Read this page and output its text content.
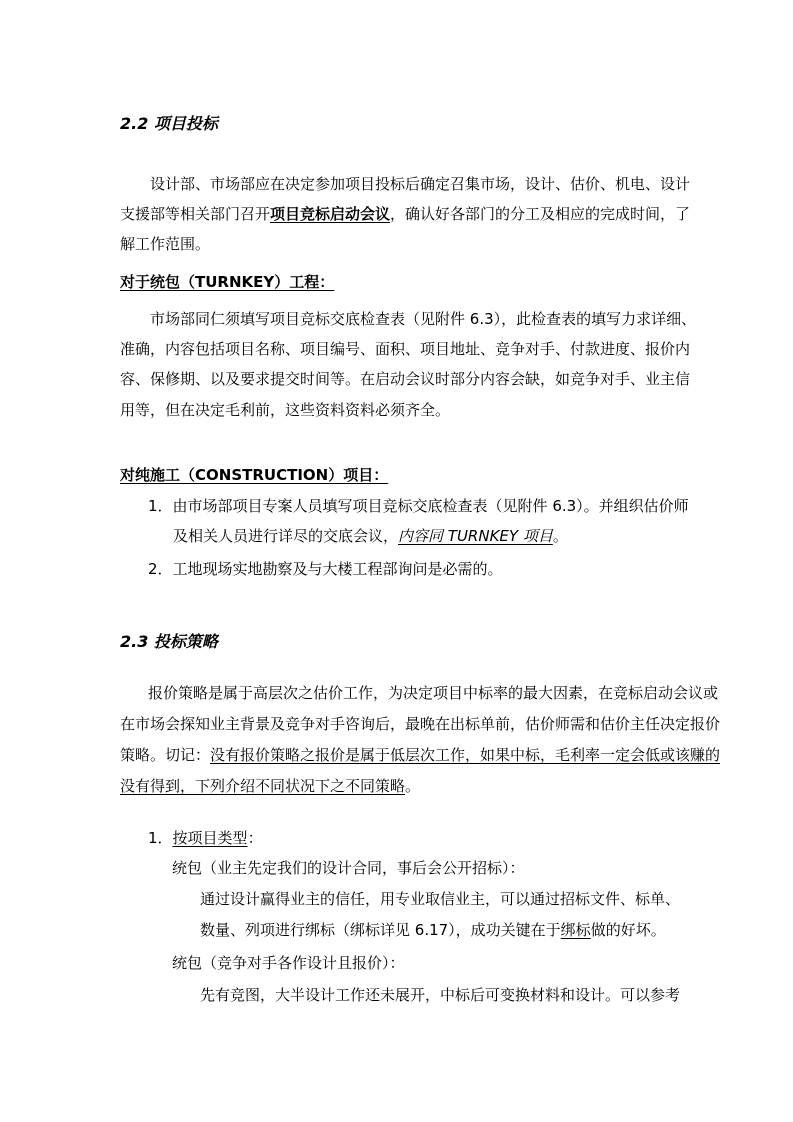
2.2 项目投标
设计部、市场部应在决定参加项目投标后确定召集市场，设计、估价、机电、设计
支援部等相关部门召开项目竞标启动会议，确认好各部门的分工及相应的完成时间，了
解工作范围。
对于统包（TURNKEY）工程：
市场部同仁须填写项目竞标交底检查表（见附件 6.3），此检查表的填写力求详细、
准确，内容包括项目名称、项目编号、面积、项目地址、竞争对手、付款进度、报价内
容、保修期、以及要求提交时间等。在启动会议时部分内容会缺，如竞争对手、业主信
用等，但在决定毛利前，这些资料资料必须齐全。
对纯施工（CONSTRUCTION）项目：
1．由市场部项目专案人员填写项目竞标交底检查表（见附件 6.3）。并组织估价师
及相关人员进行详尽的交底会议，内容同 TURNKEY 项目。
2．工地现场实地勘察及与大楼工程部询问是必需的。
2.3 投标策略
报价策略是属于高层次之估价工作，为决定项目中标率的最大因素，在竞标启动会议或
在市场会探知业主背景及竞争对手咨询后，最晚在出标单前，估价师需和估价主任决定报价
策略。切记：没有报价策略之报价是属于低层次工作，如果中标，毛利率一定会低或该赚的
没有得到，下列介绍不同状况下之不同策略。
1．按项目类型：
统包（业主先定我们的设计合同，事后会公开招标）：
通过设计赢得业主的信任，用专业取信业主，可以通过招标文件、标单、
数量、列项进行绑标（绑标详见 6.17），成功关键在于绑标做的好坏。
统包（竞争对手各作设计且报价）：
先有竞图，大半设计工作还未展开，中标后可变换材料和设计。可以参考
